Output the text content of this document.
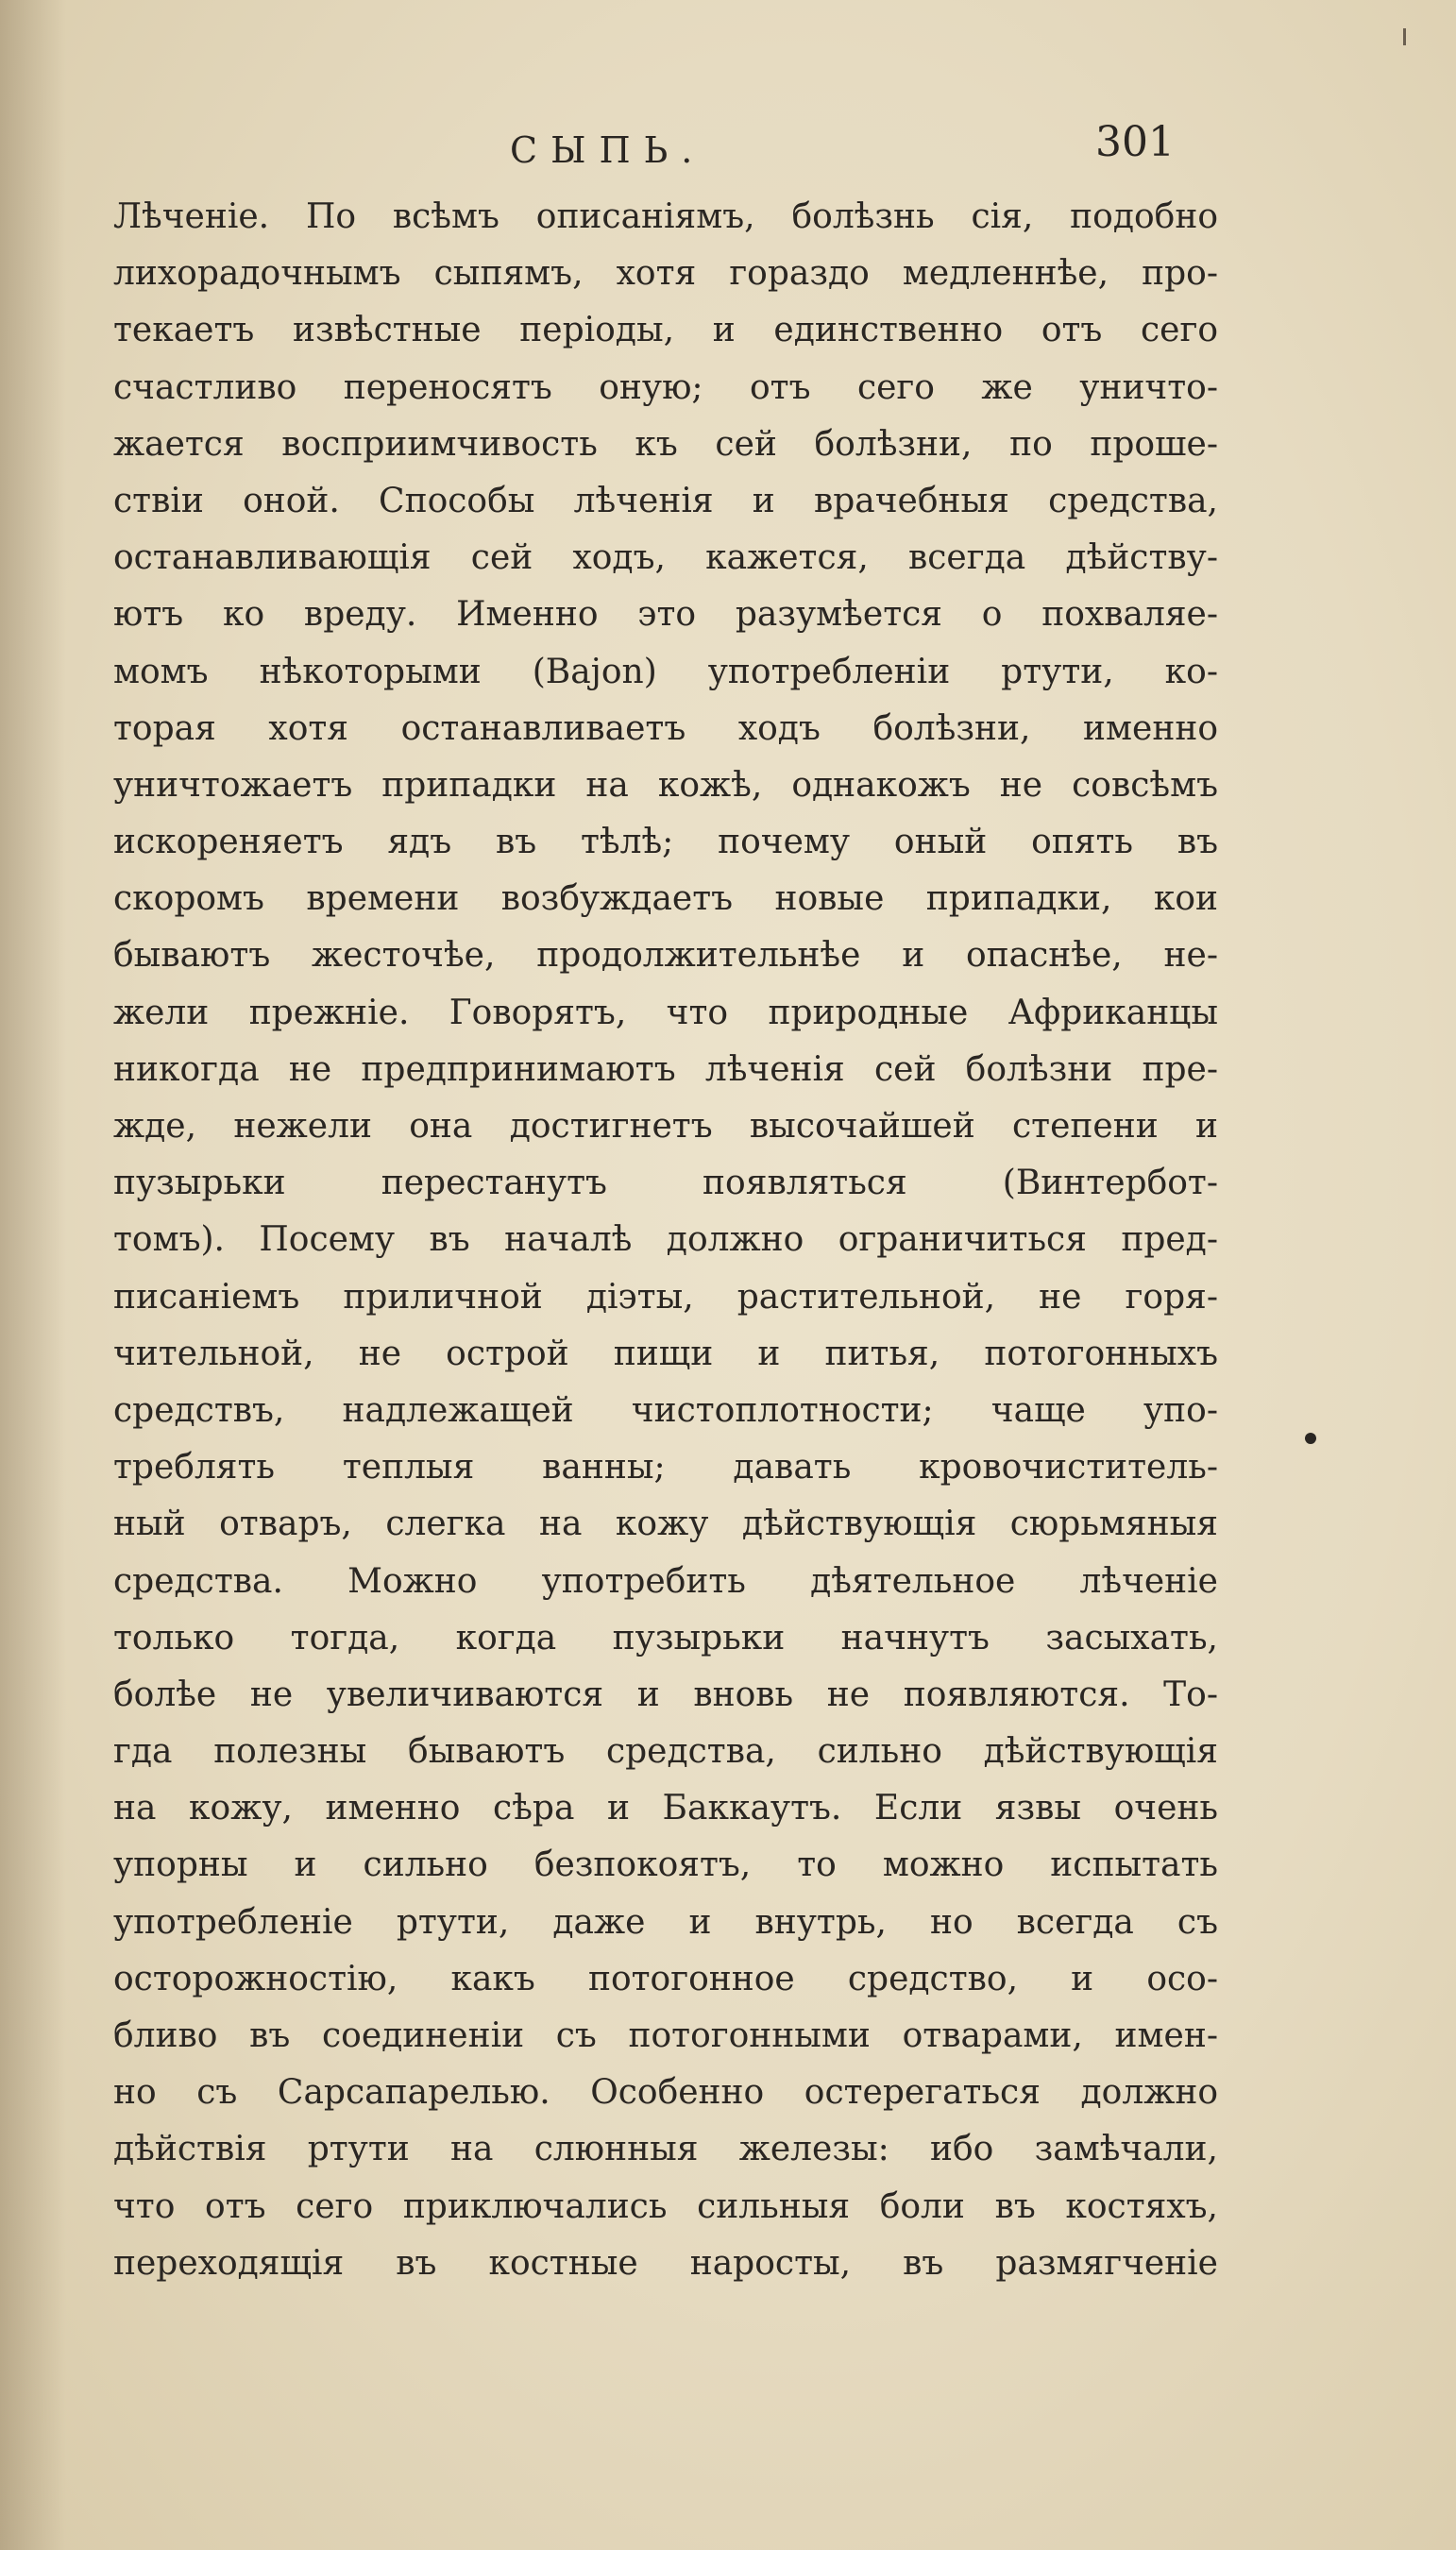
СЫПЬ.	301
Лѣченіе. По всѣмъ описаніямъ, болѣзнь сія, подобно
лихорадочнымъ сыпямъ, хотя гораздо медленнѣе, про-
текаетъ извѣстные періоды, и единственно отъ сего
счастливо переносятъ оную; отъ сего же уничто-
жается восприимчивость къ сей болѣзни, по проше-
ствіи оной. Способы лѣченія и врачебныя средства,
останавливающія сей ходъ, кажется, всегда дѣйству-
ютъ ко вреду. Именно это разумѣется о похваляе-
момъ нѣкоторыми (Вajon) употребленіи ртути, ко-
торая хотя останавливаетъ ходъ болѣзни, именно
уничтожаетъ припадки на кожѣ, однакожъ не совсѣмъ
искореняетъ ядъ въ тѣлѣ; почему оный опять въ
скоромъ времени возбуждаетъ новые припадки, кои
бываютъ жесточѣе, продолжительнѣе и опаснѣе, не-
жели прежніе. Говорятъ, что природные Африканцы
никогда не предпринимаютъ лѣченія сей болѣзни пре-
жде, нежели она достигнетъ высочайшей степени и
пузырьки перестанутъ появляться (Винтербот-
томъ). Посему въ началѣ должно ограничиться пред-
писаніемъ приличной діэты, растительной, не горя-
чительной, не острой пищи и питья, потогонныхъ
средствъ, надлежащей чистоплотности; чаще упо-
треблять теплыя ванны; давать кровочиститель-
ный отваръ, слегка на кожу дѣйствующія сюрьмяныя
средства. Можно употребить дѣятельное лѣченіе
только тогда, когда пузырьки начнутъ засыхать,
болѣе не увеличиваются и вновь не появляются. То-
гда полезны бываютъ средства, сильно дѣйствующія
на кожу, именно сѣра и Баккаутъ. Если язвы очень
упорны и сильно безпокоятъ, то можно испытать
употребленіе ртути, даже и внутрь, но всегда съ
осторожностію, какъ потогонное средство, и осо-
бливо въ соединеніи съ потогонными отварами, имен-
но съ Сарсапарелью. Особенно остерегаться должно
дѣйствія ртути на слюнныя железы: ибо замѣчали,
что отъ сего приключались сильныя боли въ костяхъ,
переходящія въ костные наросты, въ размягченіе
